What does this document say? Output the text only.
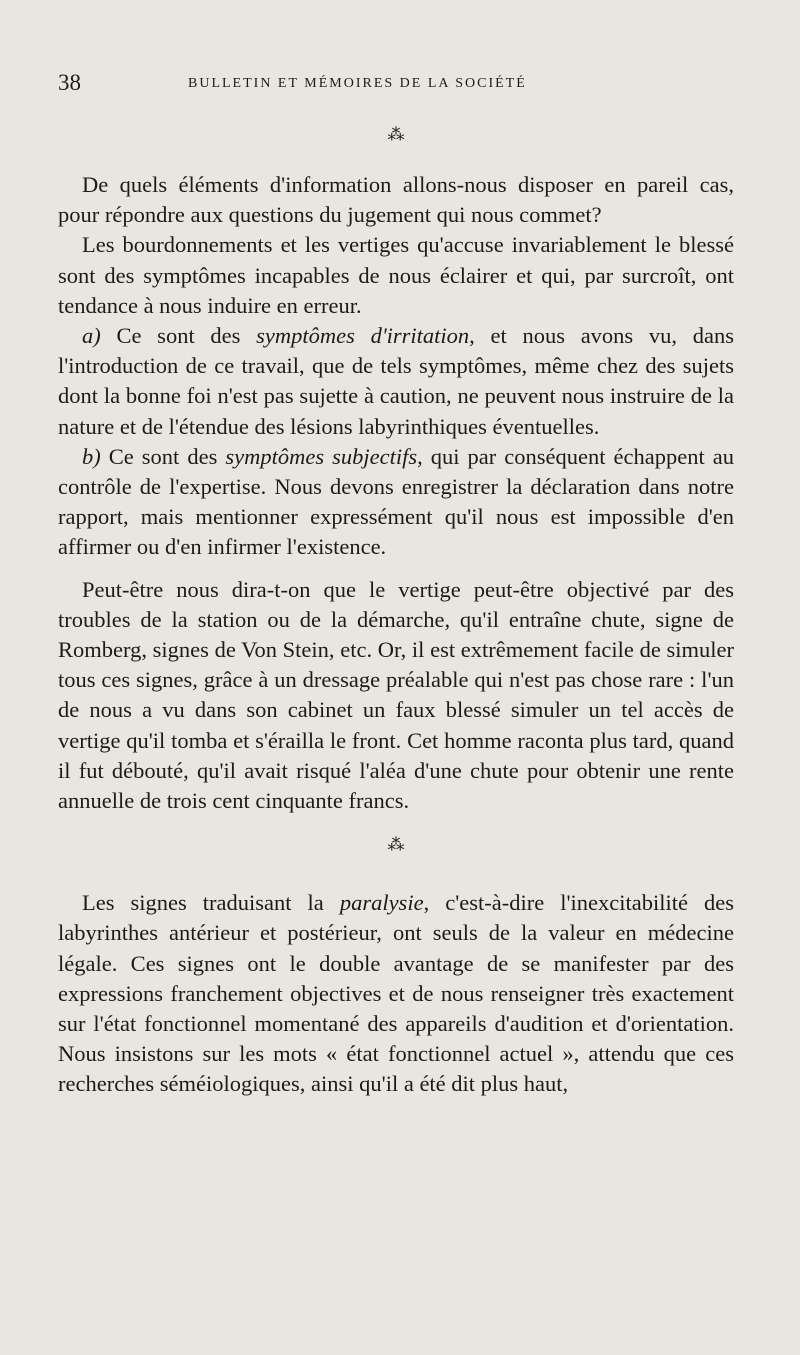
38	BULLETIN ET MÉMOIRES DE LA SOCIÉTÉ
⁂

De quels éléments d'information allons-nous disposer en pareil cas, pour répondre aux questions du jugement qui nous commet?

Les bourdonnements et les vertiges qu'accuse invariablement le blessé sont des symptômes incapables de nous éclairer et qui, par surcroît, ont tendance à nous induire en erreur.

a) Ce sont des symptômes d'irritation, et nous avons vu, dans l'introduction de ce travail, que de tels symptômes, même chez des sujets dont la bonne foi n'est pas sujette à caution, ne peuvent nous instruire de la nature et de l'étendue des lésions labyrinthiques éventuelles.

b) Ce sont des symptômes subjectifs, qui par conséquent échappent au contrôle de l'expertise. Nous devons enregistrer la déclaration dans notre rapport, mais mentionner expressément qu'il nous est impossible d'en affirmer ou d'en infirmer l'existence.

Peut-être nous dira-t-on que le vertige peut-être objectivé par des troubles de la station ou de la démarche, qu'il entraîne chute, signe de Romberg, signes de Von Stein, etc. Or, il est extrêmement facile de simuler tous ces signes, grâce à un dressage préalable qui n'est pas chose rare : l'un de nous a vu dans son cabinet un faux blessé simuler un tel accès de vertige qu'il tomba et s'érailla le front. Cet homme raconta plus tard, quand il fut débouté, qu'il avait risqué l'aléa d'une chute pour obtenir une rente annuelle de trois cent cinquante francs.

⁂

Les signes traduisant la paralysie, c'est-à-dire l'inexcitabilité des labyrinthes antérieur et postérieur, ont seuls de la valeur en médecine légale. Ces signes ont le double avantage de se manifester par des expressions franchement objectives et de nous renseigner très exactement sur l'état fonctionnel momentané des appareils d'audition et d'orientation. Nous insistons sur les mots « état fonctionnel actuel », attendu que ces recherches séméiologiques, ainsi qu'il a été dit plus haut,
